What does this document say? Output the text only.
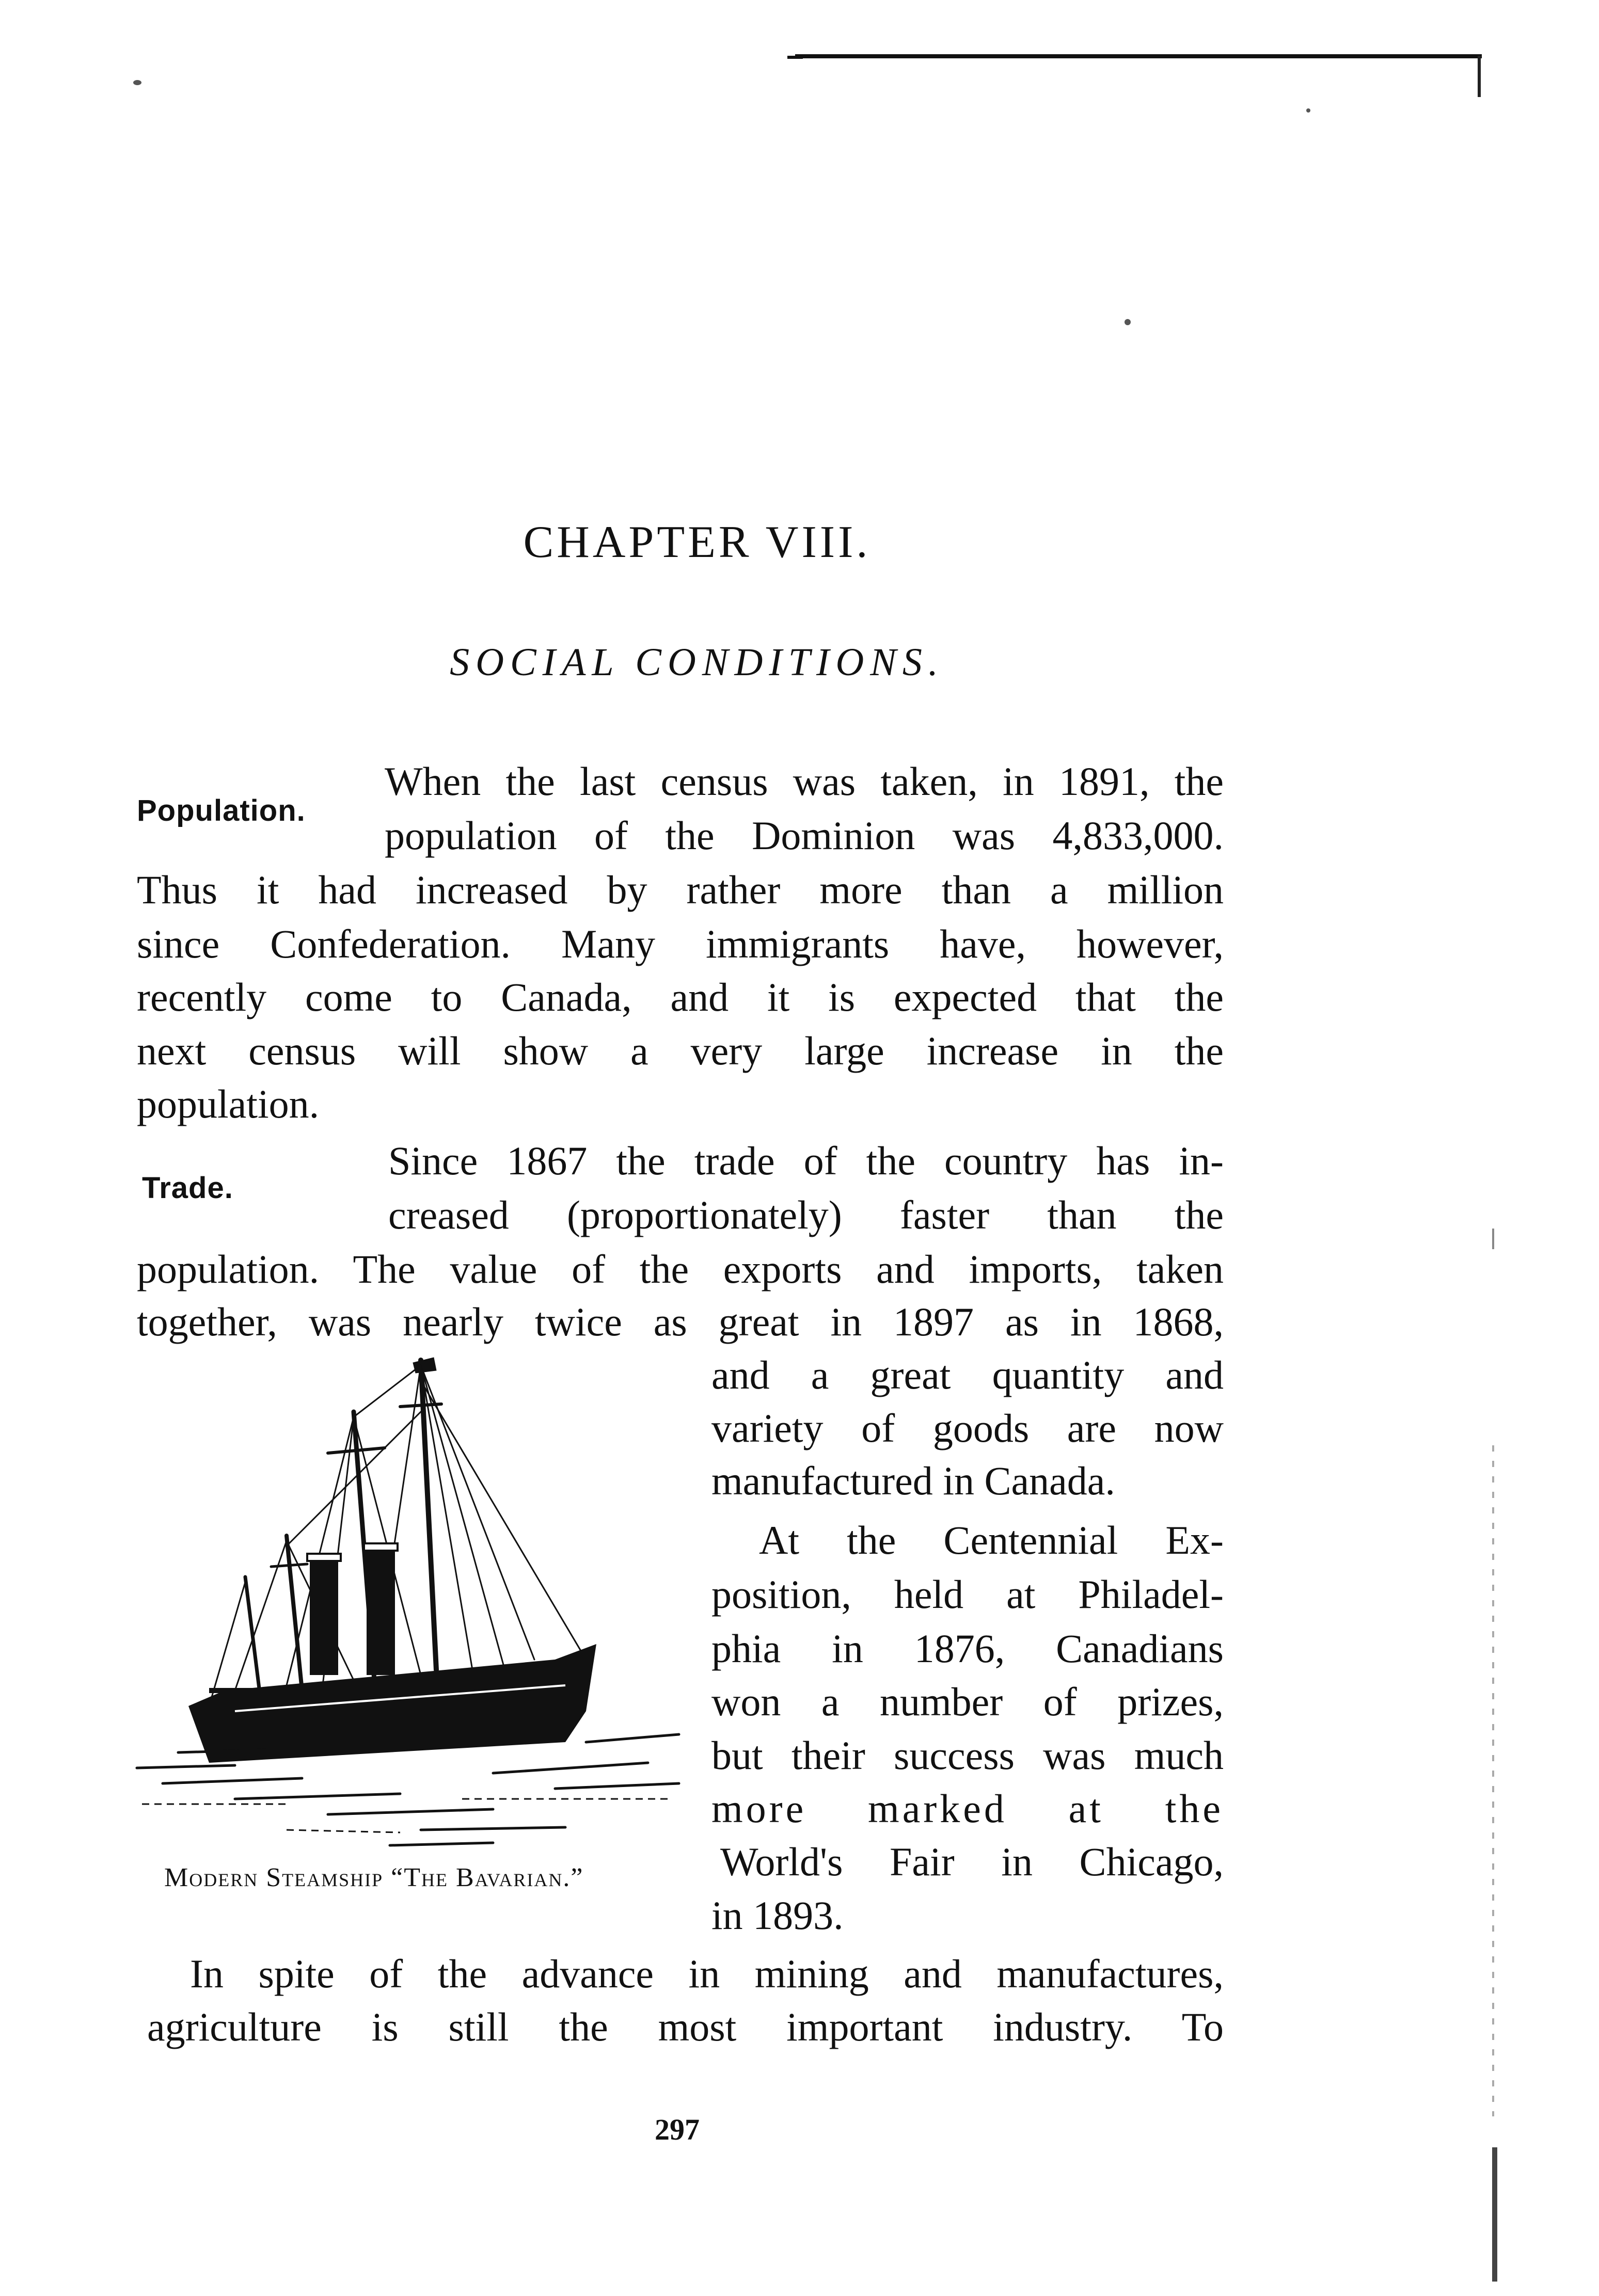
CHAPTER VIII.
SOCIAL CONDITIONS.
Population.
Trade.
When the last census was taken, in 1891, the
population of the Dominion was 4,833,000.
Thus it had increased by rather more than a million
since Confederation. Many immigrants have, however,
recently come to Canada, and it is expected that the
next census will show a very large increase in the
population.
Since 1867 the trade of the country has in-
creased (proportionately) faster than the
population. The value of the exports and imports, taken
together, was nearly twice as great in 1897 as in 1868,
and a great quantity and
variety of goods are now
manufactured in Canada.
At the Centennial Ex-
position, held at Philadel-
phia in 1876, Canadians
won a number of prizes,
but their success was much
more marked at the
World's Fair in Chicago,
in 1893.
In spite of the advance in mining and manufactures,
agriculture is still the most important industry. To
Modern Steamship “The Bavarian.”
297
